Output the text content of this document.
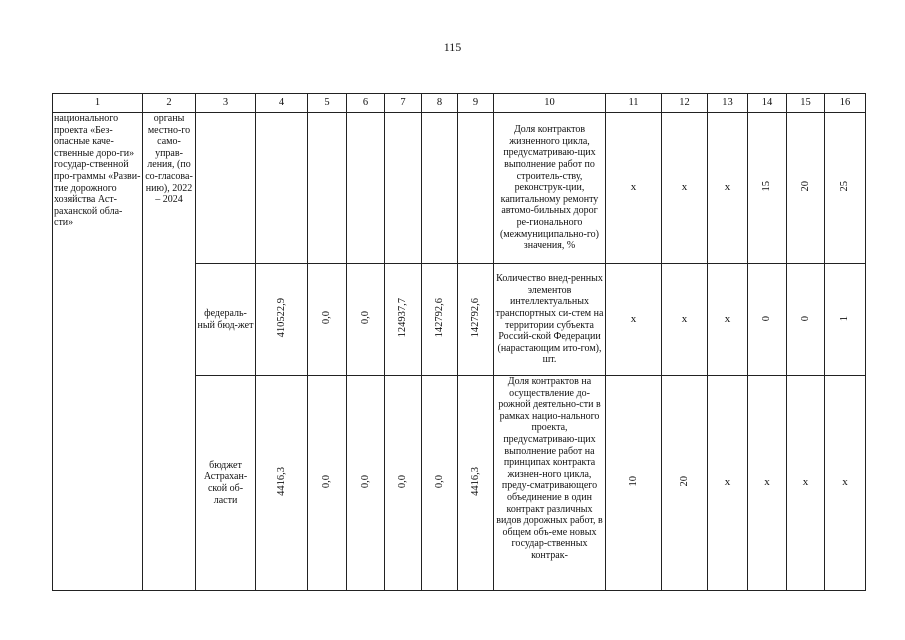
115
1	2	3	4	5	6	7	8	9	10	11	12	13	14	15	16
национального проекта «Без-опасные каче-ственные доро-ги» государ-ственной про-граммы «Разви-тие дорожного хозяйства Аст-раханской обла-сти»	органы местно-го само-управ-ления, (по со-гласова-нию), 2022 – 2024								Доля контрактов жизненного цикла, предусматриваю-щих выполнение работ по строитель-ству, реконструк-ции, капитальному ремонту автомо-бильных дорог ре-гионального (межмуниципально-го) значения, %	x	x	x	15	20	25
		федераль-ный бюд-жет	410522,9	0,0	0,0	124937,7	142792,6	142792,6	Количество внед-ренных элементов интеллектуальных транспортных си-стем на территории субъекта Россий-ской Федерации (нарастающим ито-гом), шт.	x	x	x	0	0	1
		бюджет Астрахан-ской об-ласти	4416,3	0,0	0,0	0,0	0,0	4416,3	Доля контрактов на осуществление до-рожной деятельно-сти в рамках нацио-нального проекта, предусматриваю-щих выполнение работ на принципах контракта жизнен-ного цикла, преду-сматривающего объединение в один контракт различных видов дорожных работ, в общем объ-еме новых государ-ственных контрак-	10	20	x	x	x	x
